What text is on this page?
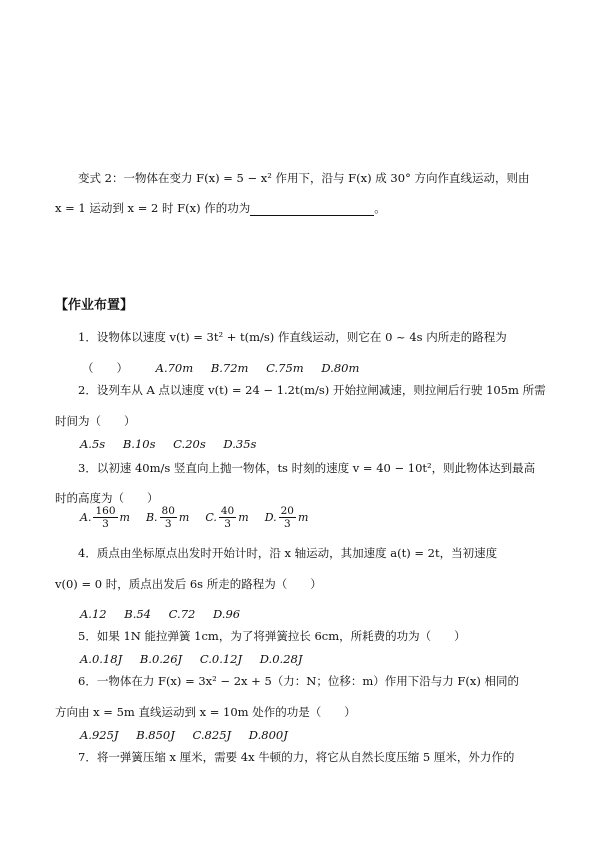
变式 2：一物体在变力 F(x) = 5 − x² 作用下，沿与 F(x) 成 30° 方向作直线运动，则由
x = 1 运动到 x = 2 时 F(x) 作的功为	。
【作业布置】
1．设物体以速度 v(t) = 3t² + t(m/s) 作直线运动，则它在 0 ~ 4s 内所走的路程为
（　　） A.70m B.72m C.75m D.80m
2．设列车从 A 点以速度 v(t) = 24 − 1.2t(m/s) 开始拉闸减速，则拉闸后行驶 105m 所需
时间为（　　）
A.5s B.10s C.20s D.35s
3．以初速 40m/s 竖直向上抛一物体，ts 时刻的速度 v = 40 − 10t²，则此物体达到最高
时的高度为（　　）
A. $\frac{160}{3}$ m B. $\frac{80}{3}$ m C. $\frac{40}{3}$ m D. $\frac{20}{3}$ m
4．质点由坐标原点出发时开始计时，沿 x 轴运动，其加速度 a(t) = 2t，当初速度
v(0) = 0 时，质点出发后 6s 所走的路程为（　　）
A.12 B.54 C.72 D.96
5．如果 1N 能拉弹簧 1cm，为了将弹簧拉长 6cm，所耗费的功为（　　）
A.0.18J B.0.26J C.0.12J D.0.28J
6．一物体在力 F(x) = 3x² − 2x + 5（力：N；位移：m）作用下沿与力 F(x) 相同的
方向由 x = 5m 直线运动到 x = 10m 处作的功是（　　）
A.925J B.850J C.825J D.800J
7．将一弹簧压缩 x 厘米，需要 4x 牛顿的力，将它从自然长度压缩 5 厘米，外力作的
